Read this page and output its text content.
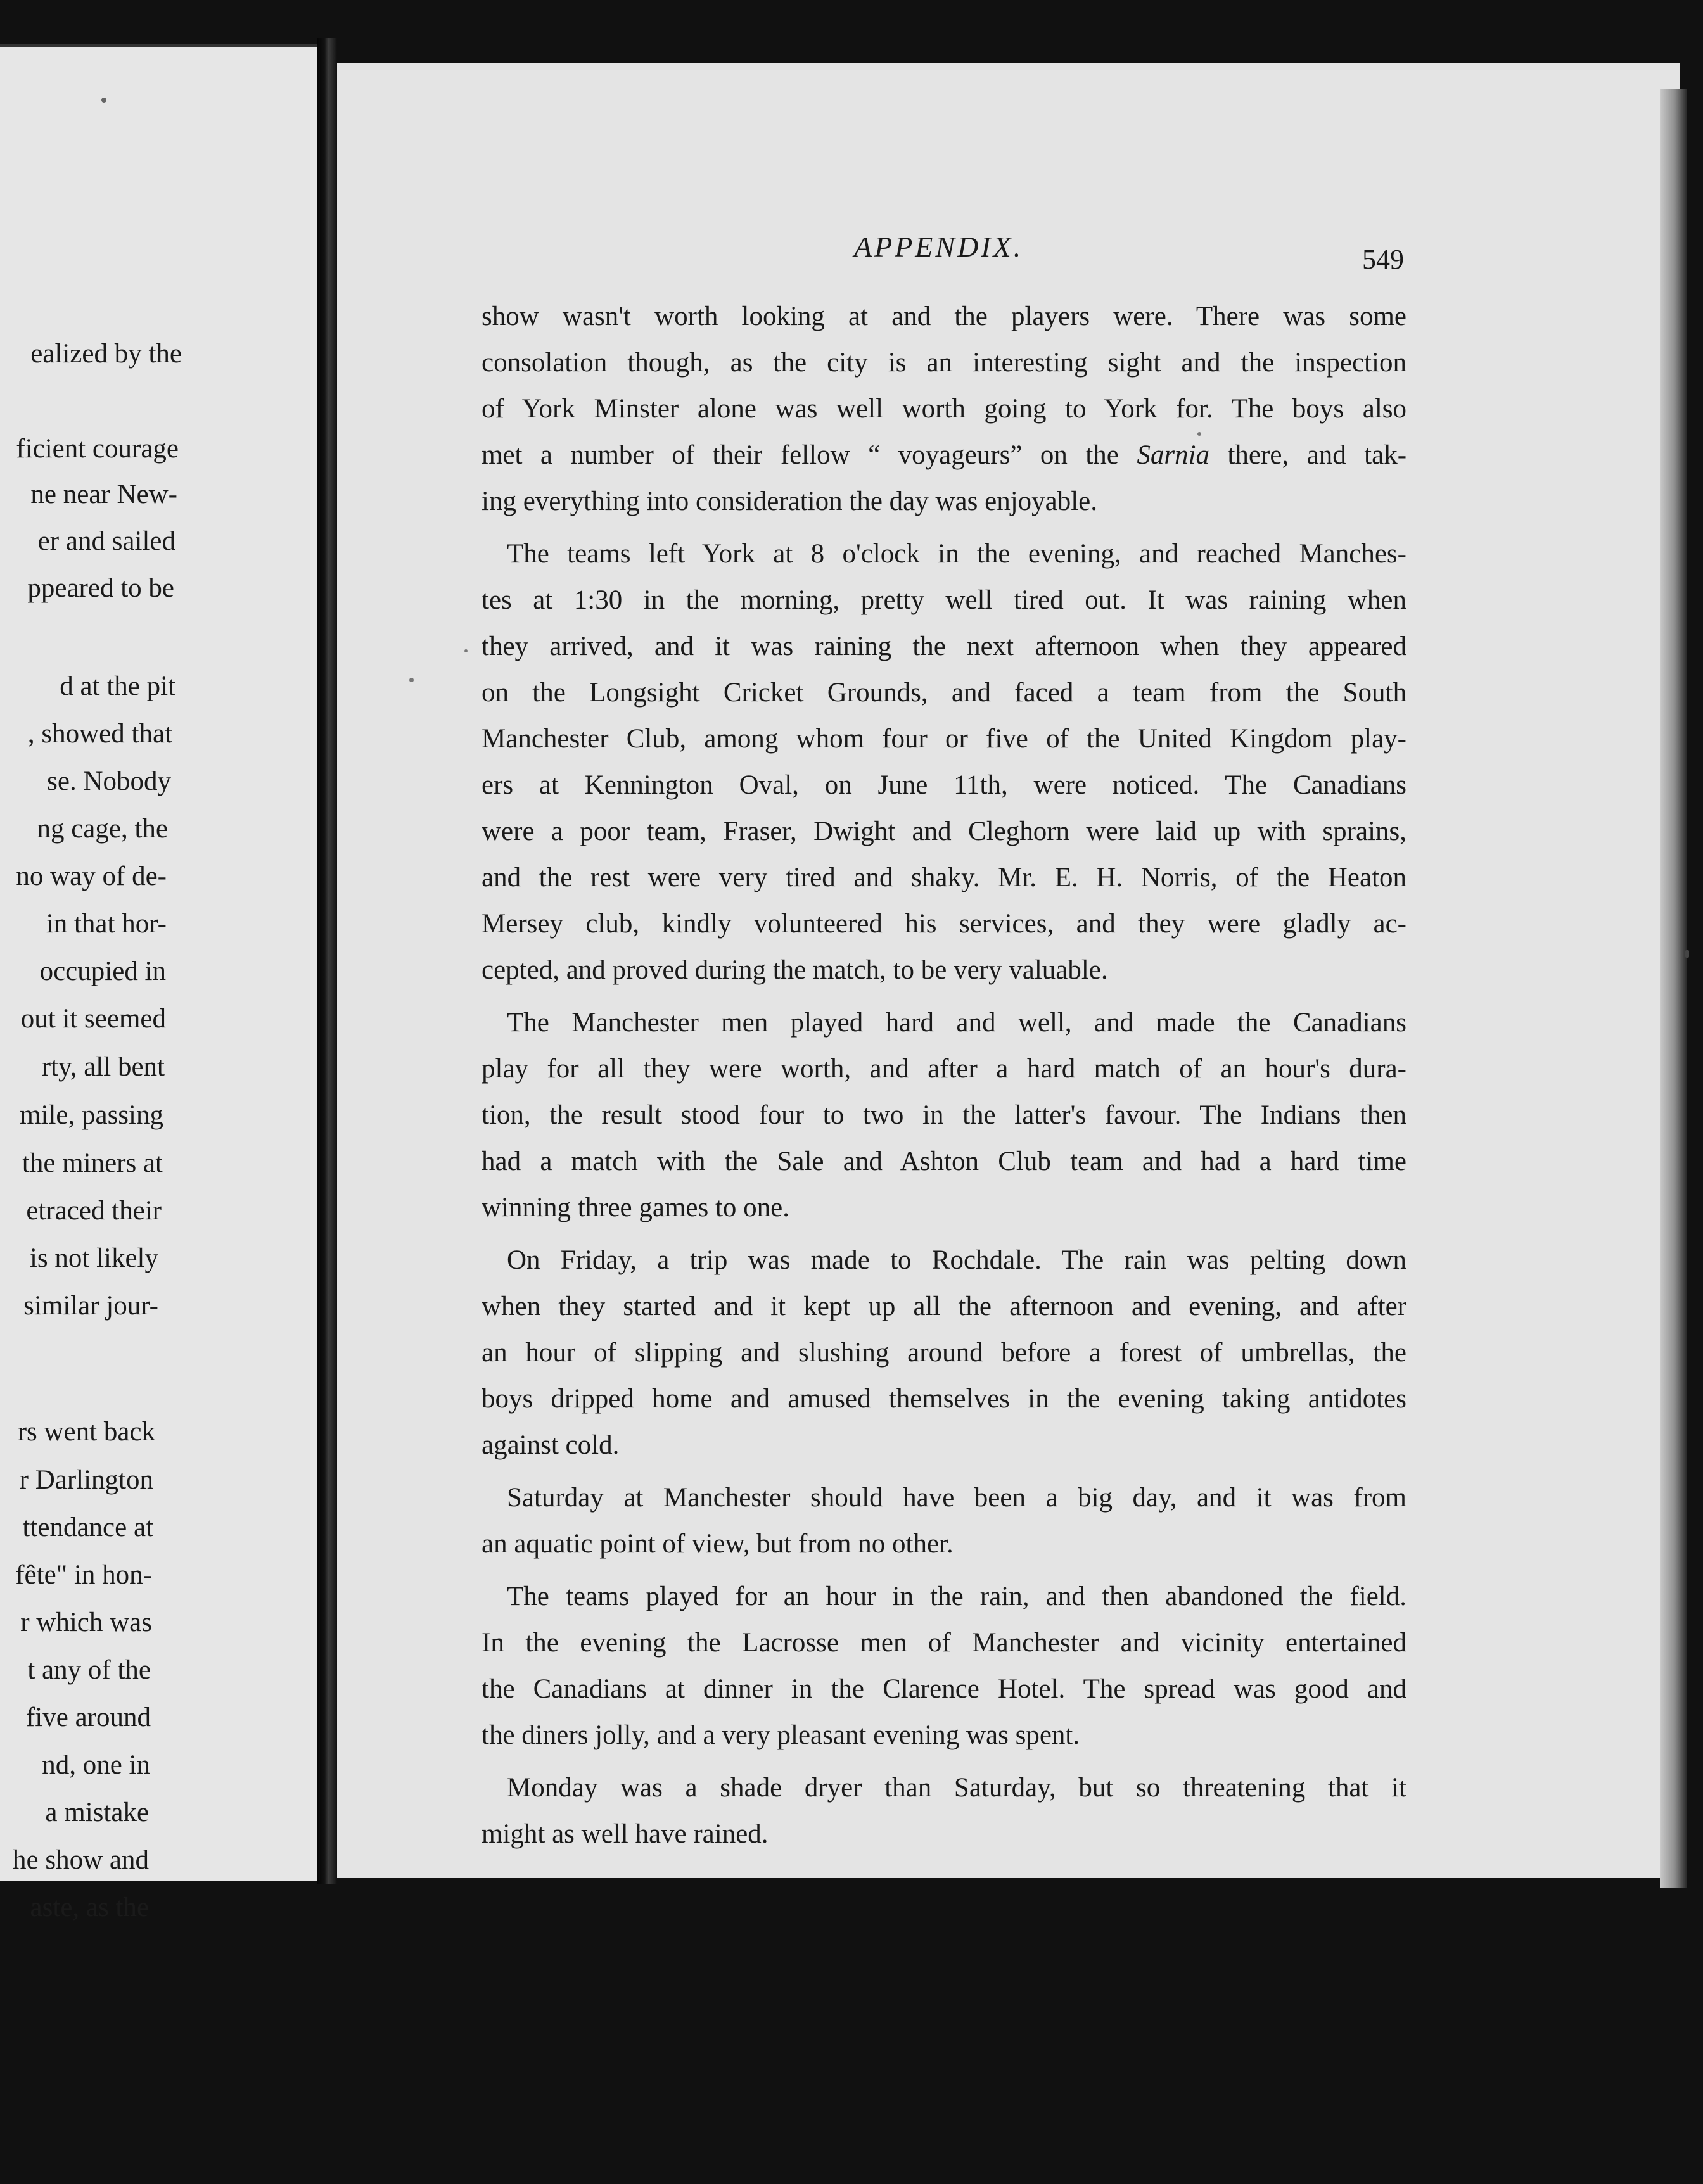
ealized by the
ficient courage
ne near New-
er and sailed
ppeared to be
d at the pit
, showed that
se. Nobody
ng cage, the
no way of de-
in that hor-
occupied in
out it seemed
rty, all bent
mile, passing
the miners at
etraced their
is not likely
similar jour-
rs went back
r Darlington
ttendance at
fête" in hon-
r which was
t any of the
five around
nd, one in
a mistake
he show and
aste, as the
APPENDIX.	549
show wasn't worth looking at and the players were. There was some
consolation though, as the city is an interesting sight and the inspection
of York Minster alone was well worth going to York for. The boys also
met a number of their fellow “ voyageurs” on the Sarnia there, and tak-
ing everything into consideration the day was enjoyable.
The teams left York at 8 o'clock in the evening, and reached Manches-
tes at 1:30 in the morning, pretty well tired out. It was raining when
they arrived, and it was raining the next afternoon when they appeared
on the Longsight Cricket Grounds, and faced a team from the South
Manchester Club, among whom four or five of the United Kingdom play-
ers at Kennington Oval, on June 11th, were noticed. The Canadians
were a poor team, Fraser, Dwight and Cleghorn were laid up with sprains,
and the rest were very tired and shaky. Mr. E. H. Norris, of the Heaton
Mersey club, kindly volunteered his services, and they were gladly ac-
cepted, and proved during the match, to be very valuable.
The Manchester men played hard and well, and made the Canadians
play for all they were worth, and after a hard match of an hour's dura-
tion, the result stood four to two in the latter's favour. The Indians then
had a match with the Sale and Ashton Club team and had a hard time
winning three games to one.
On Friday, a trip was made to Rochdale. The rain was pelting down
when they started and it kept up all the afternoon and evening, and after
an hour of slipping and slushing around before a forest of umbrellas, the
boys dripped home and amused themselves in the evening taking antidotes
against cold.
Saturday at Manchester should have been a big day, and it was from
an aquatic point of view, but from no other.
The teams played for an hour in the rain, and then abandoned the field.
In the evening the Lacrosse men of Manchester and vicinity entertained
the Canadians at dinner in the Clarence Hotel. The spread was good and
the diners jolly, and a very pleasant evening was spent.
Monday was a shade dryer than Saturday, but so threatening that it
might as well have rained.
